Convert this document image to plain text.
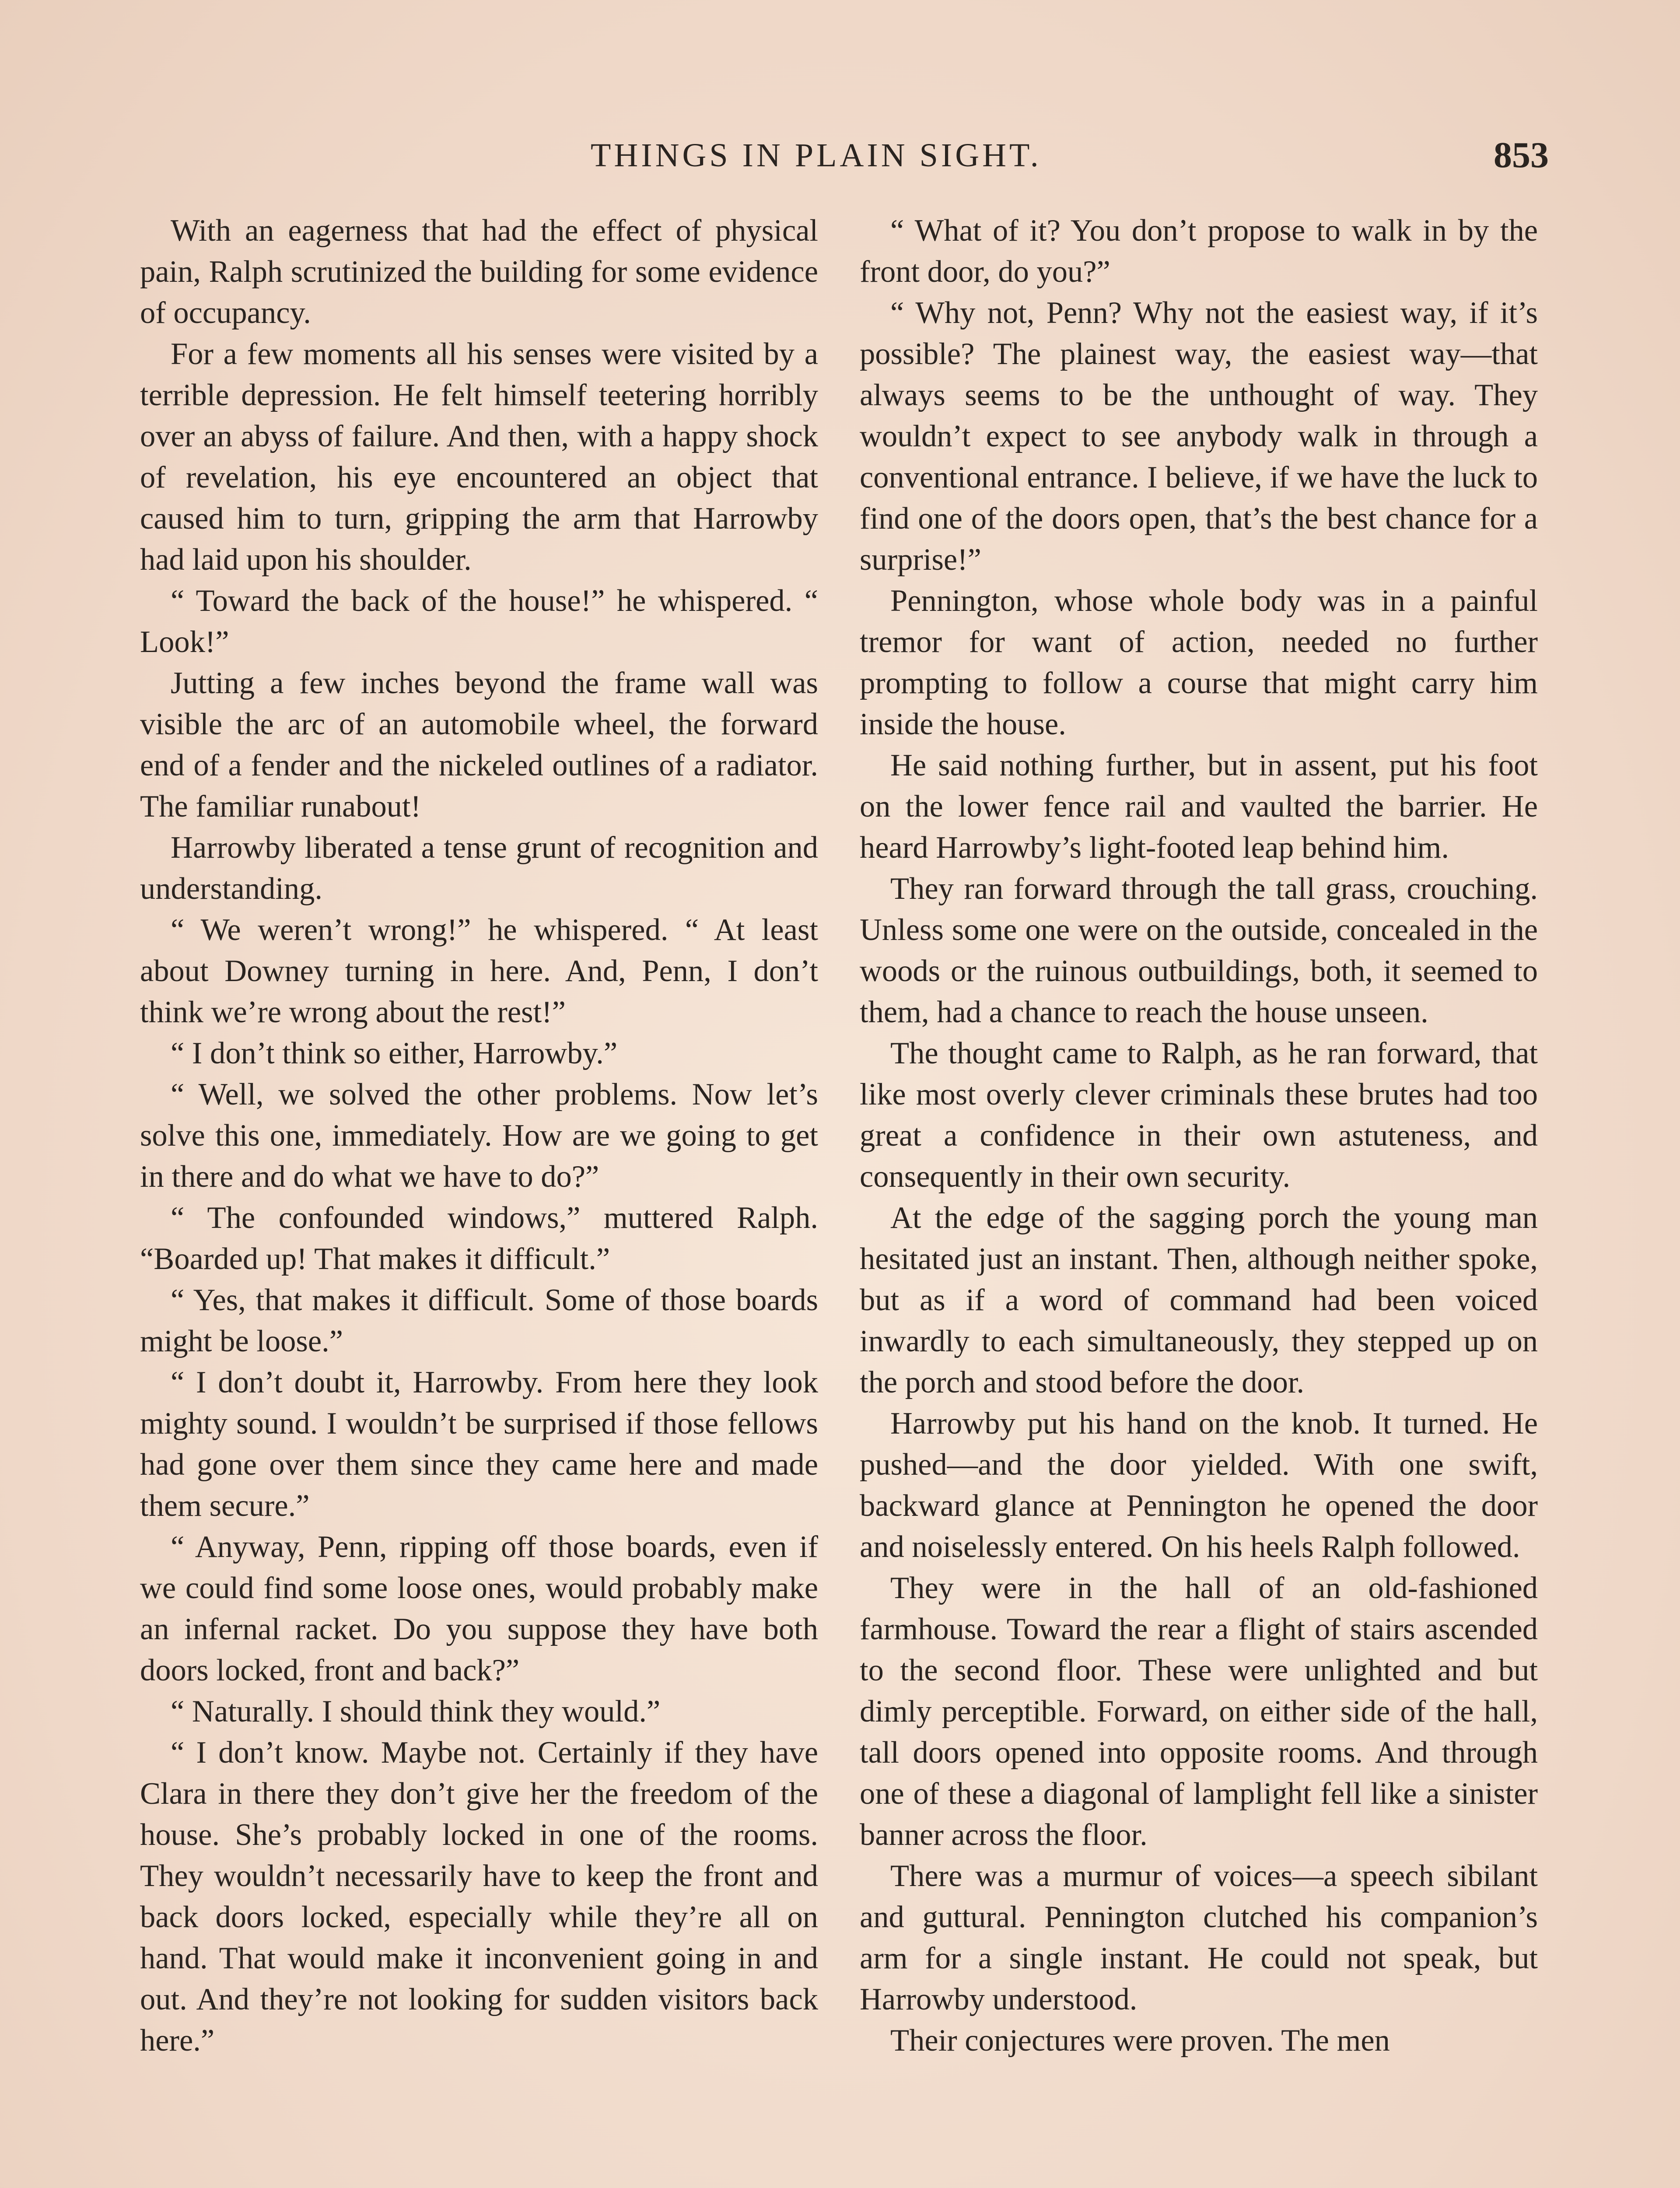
THINGS IN PLAIN SIGHT.	853

With an eagerness that had the effect of physical pain, Ralph scrutinized the building for some evidence of occupancy.

For a few moments all his senses were visited by a terrible depression. He felt himself teetering horribly over an abyss of failure. And then, with a happy shock of revelation, his eye encountered an object that caused him to turn, gripping the arm that Harrowby had laid upon his shoulder.

“ Toward the back of the house!” he whispered. “ Look!”

Jutting a few inches beyond the frame wall was visible the arc of an automobile wheel, the forward end of a fender and the nickeled outlines of a radiator. The familiar runabout!

Harrowby liberated a tense grunt of recognition and understanding.

“ We weren’t wrong!” he whispered. “ At least about Downey turning in here. And, Penn, I don’t think we’re wrong about the rest!”

“ I don’t think so either, Harrowby.”

“ Well, we solved the other problems. Now let’s solve this one, immediately. How are we going to get in there and do what we have to do?”

“ The confounded windows,” muttered Ralph. “Boarded up! That makes it difficult.”

“ Yes, that makes it difficult. Some of those boards might be loose.”

“ I don’t doubt it, Harrowby. From here they look mighty sound. I wouldn’t be surprised if those fellows had gone over them since they came here and made them secure.”

“ Anyway, Penn, ripping off those boards, even if we could find some loose ones, would probably make an infernal racket. Do you suppose they have both doors locked, front and back?”

“ Naturally. I should think they would.”

“ I don’t know. Maybe not. Certainly if they have Clara in there they don’t give her the freedom of the house. She’s probably locked in one of the rooms. They wouldn’t necessarily have to keep the front and back doors locked, especially while they’re all on hand. That would make it inconvenient going in and out. And they’re not looking for sudden visitors back here.”

“ What of it? You don’t propose to walk in by the front door, do you?”

“ Why not, Penn? Why not the easiest way, if it’s possible? The plainest way, the easiest way—that always seems to be the unthought of way. They wouldn’t expect to see anybody walk in through a conventional entrance. I believe, if we have the luck to find one of the doors open, that’s the best chance for a surprise!”

Pennington, whose whole body was in a painful tremor for want of action, needed no further prompting to follow a course that might carry him inside the house.

He said nothing further, but in assent, put his foot on the lower fence rail and vaulted the barrier. He heard Harrowby’s light-footed leap behind him.

They ran forward through the tall grass, crouching. Unless some one were on the outside, concealed in the woods or the ruinous outbuildings, both, it seemed to them, had a chance to reach the house unseen.

The thought came to Ralph, as he ran forward, that like most overly clever criminals these brutes had too great a confidence in their own astuteness, and consequently in their own security.

At the edge of the sagging porch the young man hesitated just an instant. Then, although neither spoke, but as if a word of command had been voiced inwardly to each simultaneously, they stepped up on the porch and stood before the door.

Harrowby put his hand on the knob. It turned. He pushed—and the door yielded. With one swift, backward glance at Pennington he opened the door and noiselessly entered. On his heels Ralph followed.

They were in the hall of an old-fashioned farmhouse. Toward the rear a flight of stairs ascended to the second floor. These were unlighted and but dimly perceptible. Forward, on either side of the hall, tall doors opened into opposite rooms. And through one of these a diagonal of lamplight fell like a sinister banner across the floor.

There was a murmur of voices—a speech sibilant and guttural. Pennington clutched his companion’s arm for a single instant. He could not speak, but Harrowby understood.

Their conjectures were proven. The men
